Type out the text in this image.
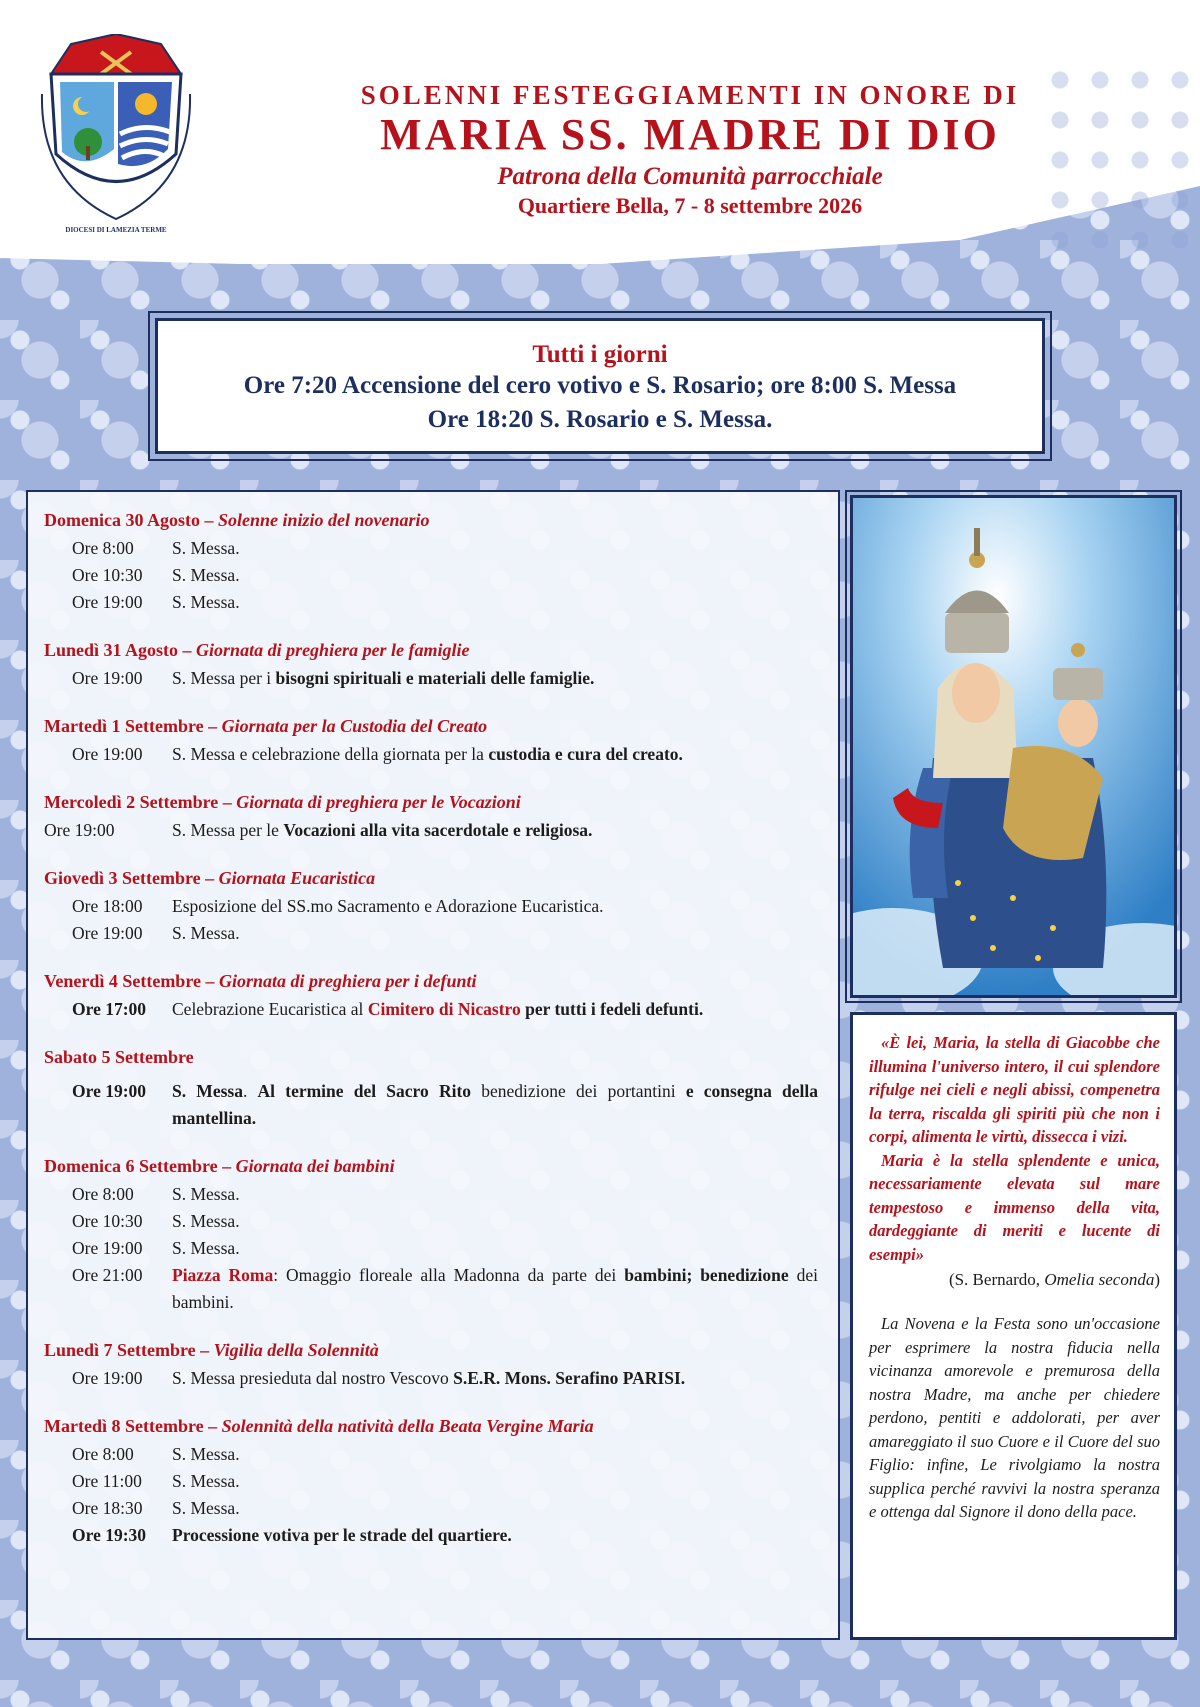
DIOCESI DI LAMEZIA TERME
SOLENNI FESTEGGIAMENTI IN ONORE DI
MARIA SS. MADRE DI DIO
Patrona della Comunità parrocchiale
Quartiere Bella, 7 - 8 settembre 2026
Tutti i giorni
Ore 7:20 Accensione del cero votivo e S. Rosario; ore 8:00 S. Messa
Ore 18:20 S. Rosario e S. Messa.
Domenica 30 Agosto – Solenne inizio del novenario
Ore 8:00	S. Messa.
Ore 10:30	S. Messa.
Ore 19:00	S. Messa.
Lunedì 31 Agosto – Giornata di preghiera per le famiglie
Ore 19:00	S. Messa per i bisogni spirituali e materiali delle famiglie.
Martedì 1 Settembre – Giornata per la Custodia del Creato
Ore 19:00	S. Messa e celebrazione della giornata per la custodia e cura del creato.
Mercoledì 2 Settembre – Giornata di preghiera per le Vocazioni
Ore 19:00	S. Messa per le Vocazioni alla vita sacerdotale e religiosa.
Giovedì 3 Settembre – Giornata Eucaristica
Ore 18:00	Esposizione del SS.mo Sacramento e Adorazione Eucaristica.
Ore 19:00	S. Messa.
Venerdì 4 Settembre – Giornata di preghiera per i defunti
Ore 17:00	Celebrazione Eucaristica al Cimitero di Nicastro per tutti i fedeli defunti.
Sabato 5 Settembre
Ore 19:00	S. Messa. Al termine del Sacro Rito benedizione dei portantini e consegna della mantellina.
Domenica 6 Settembre – Giornata dei bambini
Ore 8:00	S. Messa.
Ore 10:30	S. Messa.
Ore 19:00	S. Messa.
Ore 21:00	Piazza Roma: Omaggio floreale alla Madonna da parte dei bambini; benedizione dei bambini.
Lunedì 7 Settembre – Vigilia della Solennità
Ore 19:00	S. Messa presieduta dal nostro Vescovo S.E.R. Mons. Serafino PARISI.
Martedì 8 Settembre – Solennità della natività della Beata Vergine Maria
Ore 8:00	S. Messa.
Ore 11:00	S. Messa.
Ore 18:30	S. Messa.
Ore 19:30	Processione votiva per le strade del quartiere.

«È lei, Maria, la stella di Giacobbe che illumina l'universo intero, il cui splendore rifulge nei cieli e negli abissi, compenetra la terra, riscalda gli spiriti più che non i corpi, alimenta le virtù, dissecca i vizi.

Maria è la stella splendente e unica, necessariamente elevata sul mare tempestoso e immenso della vita, dardeggiante di meriti e lucente di esempi»

(S. Bernardo, Omelia seconda)

La Novena e la Festa sono un'occasione per esprimere la nostra fiducia nella vicinanza amorevole e premurosa della nostra Madre, ma anche per chiedere perdono, pentiti e addolorati, per aver amareggiato il suo Cuore e il Cuore del suo Figlio: infine, Le rivolgiamo la nostra supplica perché ravvivi la nostra speranza e ottenga dal Signore il dono della pace.
